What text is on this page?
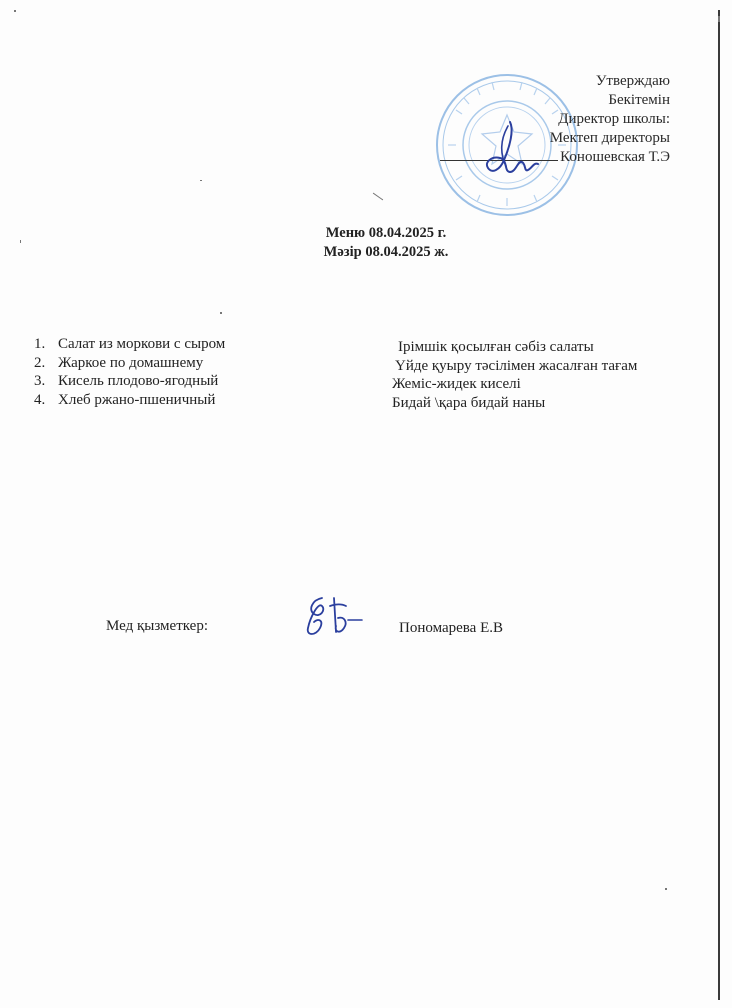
Утверждаю
Бекітемін
Директор школы:
Мектеп директоры
Коношевская Т.Э
Меню 08.04.2025 г.
Мәзір 08.04.2025 ж.
1. Салат из моркови с сыром
2. Жаркое по домашнему
3. Кисель плодово-ягодный
4. Хлеб ржано-пшеничный
Ірімшік қосылған сәбіз салаты
Үйде қуыру тәсілімен жасалған тағам
Жеміс-жидек киселі
Бидай \қара бидай наны
Мед қызметкер:	Пономарева Е.В
